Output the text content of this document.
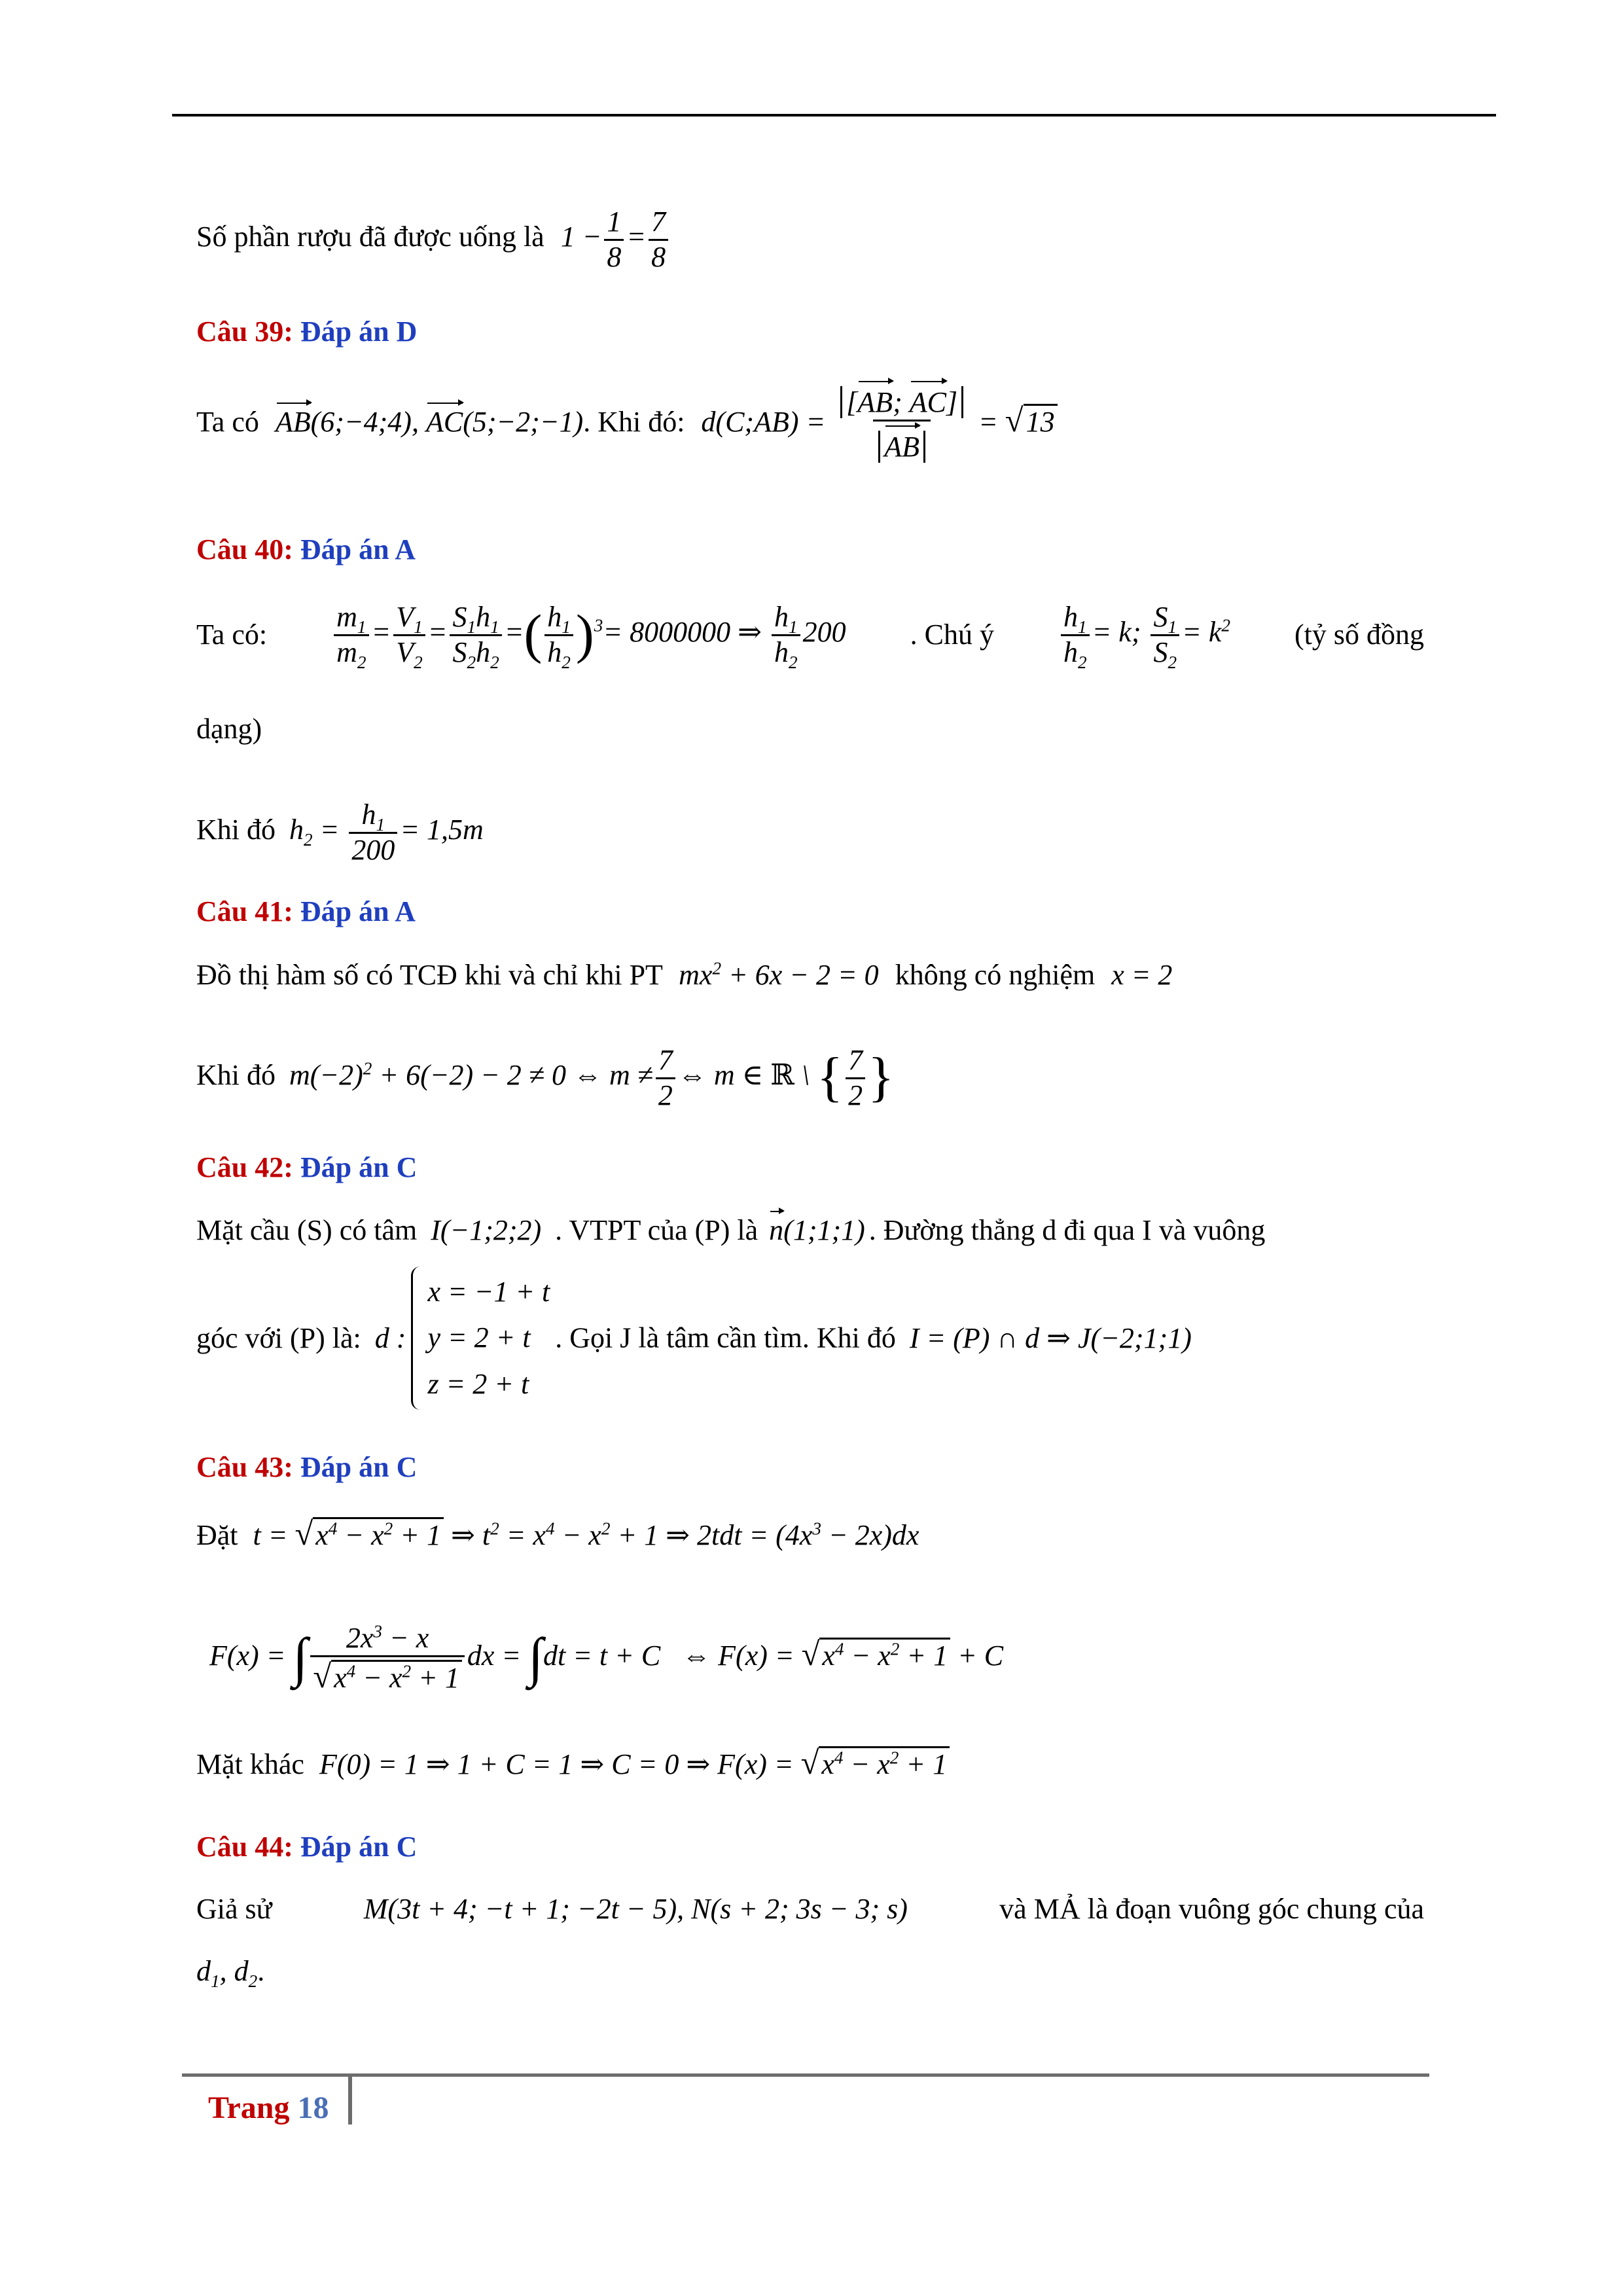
Số phần rượu đã được uống là $1 - \frac{1}{8} = \frac{7}{8}$
Câu 39: Đáp án D
Ta có AB(6;−4;4), AC(5;−2;−1). Khi đó: d(C;AB) = $\frac{[AB; AC]}{AB} = √13$
Câu 40: Đáp án A
Ta có: $\frac{m_1}{m_2} = \frac{V_1}{V_2} = \frac{S_1h_1}{S_2h_2}$ =( $\frac{h_1}{h_2} )^3= 8000000$ ⇒ $\frac{h_1}{h_2} 200$ . Chú ý $\frac{h_1}{h_2} = k$; $\frac{S_1}{S_2} = k^2$ (tỷ số đồng
dạng)
Khi đó $h_2 = \frac{h_1}{200} = 1,5m$
Câu 41: Đáp án A
Đồ thị hàm số có TCĐ khi và chỉ khi PT $mx^2 + 6x - 2 = 0$ không có nghiệm x = 2
Khi đó $m(-2)^2 + 6(-2) - 2 \ne 0$ ⇔ $m \ne \frac{7}{2}$ ⇔ m ∈ ℝ \ { $\frac{7}{2}$ }
Câu 42: Đáp án C
Mặt cầu (S) có tâm I(−1;2;2) . VTPT của (P) là n(1;1;1) . Đường thẳng d đi qua I và vuông
góc với (P) là: d :
x = −1 + t
y = 2 + t
z = 2 + t
. Gọi J là tâm cần tìm. Khi đó I = (P) ∩ d ⇒ J(−2;1;1)
Câu 43: Đáp án C
Đặt $t = √x^4 - x^2 + 1$ ⇒ $t^2 = x^4 - x^2 + 1$ ⇒ $2tdt = (4x^3 - 2x)dx$
F(x) = ∫ $\frac{2x^3 - x}{√x^4 - x^2 + 1}$ dx = ∫dt = t + C   ⇔ $F(x) = √x^4 - x^2 + 1 + C$
Mặt khác F(0) = 1 ⇒ 1 + C = 1 ⇒ C = 0 ⇒ $F(x) = √x^4 - x^2 + 1$
Câu 44: Đáp án C
Giả sử	M(3t + 4; −t + 1; −2t − 5), N(s + 2; 3s − 3; s)	và MẢ là đoạn vuông góc chung của
$d_1$, $d_2$.
Trang 18
